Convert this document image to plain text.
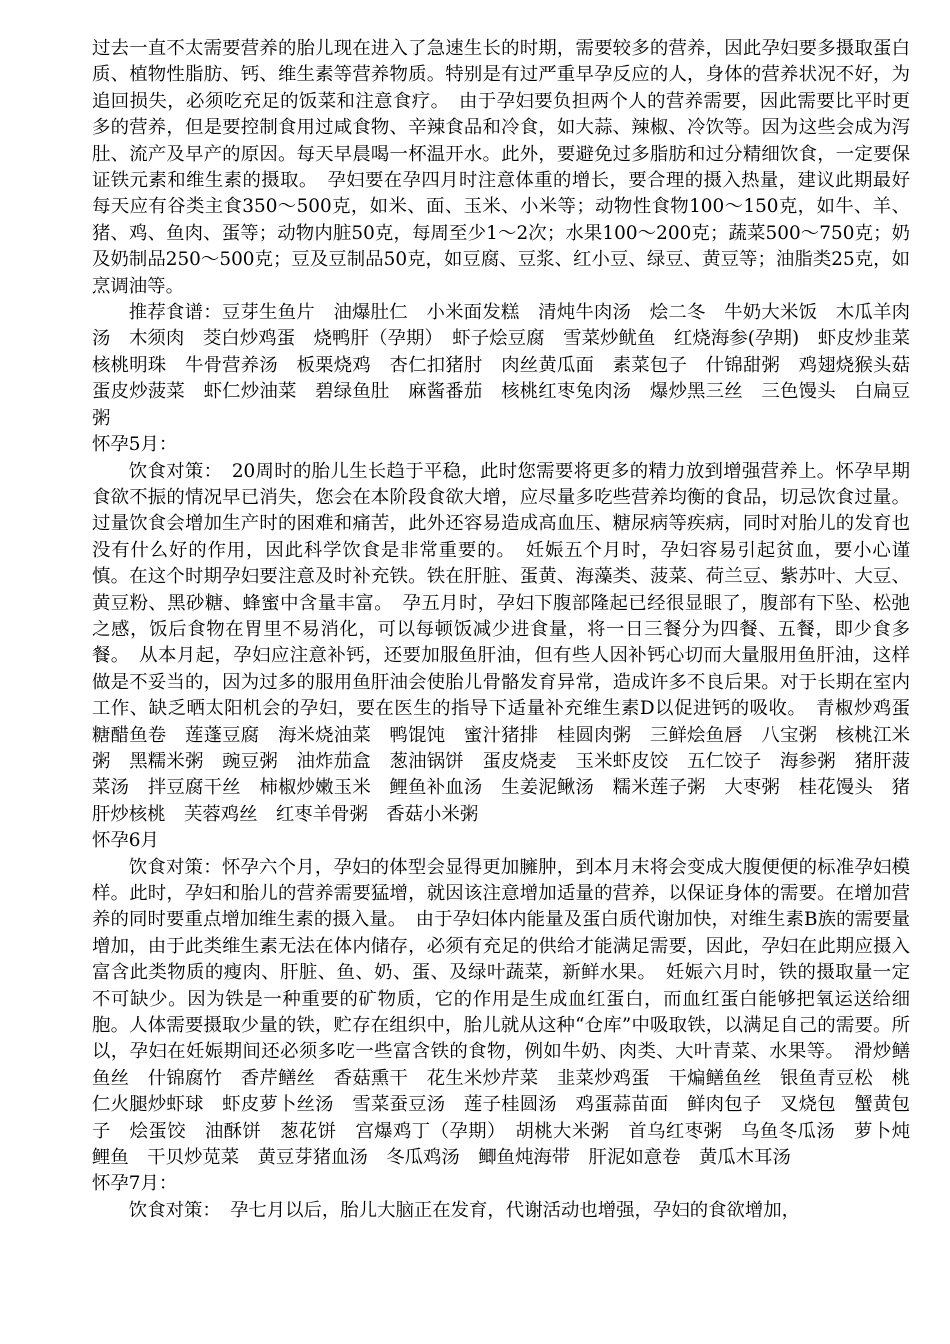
过去一直不太需要营养的胎儿现在进入了急速生长的时期，需要较多的营养，因此孕妇要多摄取蛋白质、植物性脂肪、钙、维生素等营养物质。特别是有过严重早孕反应的人，身体的营养状况不好，为追回损失，必须吃充足的饭菜和注意食疗。　由于孕妇要负担两个人的营养需要，因此需要比平时更多的营养，但是要控制食用过咸食物、辛辣食品和冷食，如大蒜、辣椒、冷饮等。因为这些会成为泻肚、流产及早产的原因。每天早晨喝一杯温开水。此外，要避免过多脂肪和过分精细饮食，一定要保证铁元素和维生素的摄取。　孕妇要在孕四月时注意体重的增长，要合理的摄入热量，建议此期最好每天应有谷类主食350～500克，如米、面、玉米、小米等；动物性食物100～150克，如牛、羊、猪、鸡、鱼肉、蛋等；动物内脏50克，每周至少1～2次；水果100～200克；蔬菜500～750克；奶及奶制品250～500克；豆及豆制品50克，如豆腐、豆浆、红小豆、绿豆、黄豆等；油脂类25克，如烹调油等。

推荐食谱：豆芽生鱼片　油爆肚仁　小米面发糕　清炖牛肉汤　烩二冬　牛奶大米饭　木瓜羊肉汤　木须肉　茭白炒鸡蛋　烧鸭肝（孕期）　虾子烩豆腐　雪菜炒鱿鱼　红烧海参(孕期)　虾皮炒韭菜　核桃明珠　牛骨营养汤　板栗烧鸡　杏仁扣猪肘　肉丝黄瓜面　素菜包子　什锦甜粥　鸡翅烧猴头菇　蛋皮炒菠菜　虾仁炒油菜　碧绿鱼肚　麻酱番茄　核桃红枣兔肉汤　爆炒黑三丝　三色馒头　白扁豆粥

怀孕5月：

饮食对策：　20周时的胎儿生长趋于平稳，此时您需要将更多的精力放到增强营养上。怀孕早期食欲不振的情况早已消失，您会在本阶段食欲大增，应尽量多吃些营养均衡的食品，切忌饮食过量。过量饮食会增加生产时的困难和痛苦，此外还容易造成高血压、糖尿病等疾病，同时对胎儿的发育也没有什么好的作用，因此科学饮食是非常重要的。　妊娠五个月时，孕妇容易引起贫血，要小心谨慎。在这个时期孕妇要注意及时补充铁。铁在肝脏、蛋黄、海藻类、菠菜、荷兰豆、紫苏叶、大豆、黄豆粉、黑砂糖、蜂蜜中含量丰富。　孕五月时，孕妇下腹部隆起已经很显眼了，腹部有下坠、松弛之感，饭后食物在胃里不易消化，可以每顿饭减少进食量，将一日三餐分为四餐、五餐，即少食多餐。　从本月起，孕妇应注意补钙，还要加服鱼肝油，但有些人因补钙心切而大量服用鱼肝油，这样做是不妥当的，因为过多的服用鱼肝油会使胎儿骨骼发育异常，造成许多不良后果。对于长期在室内工作、缺乏晒太阳机会的孕妇，要在医生的指导下适量补充维生素D以促进钙的吸收。　青椒炒鸡蛋　糖醋鱼卷　莲蓬豆腐　海米烧油菜　鸭馄饨　蜜汁猪排　桂圆肉粥　三鲜烩鱼唇　八宝粥　核桃江米粥　黑糯米粥　豌豆粥　油炸茄盒　葱油锅饼　蛋皮烧麦　玉米虾皮饺　五仁饺子　海参粥　猪肝菠菜汤　拌豆腐干丝　柿椒炒嫩玉米　鲤鱼补血汤　生姜泥鳅汤　糯米莲子粥　大枣粥　桂花馒头　猪肝炒核桃　芙蓉鸡丝　红枣羊骨粥　香菇小米粥

怀孕6月

饮食对策：怀孕六个月，孕妇的体型会显得更加臃肿，到本月末将会变成大腹便便的标准孕妇模样。此时，孕妇和胎儿的营养需要猛增，就因该注意增加适量的营养，以保证身体的需要。在增加营养的同时要重点增加维生素的摄入量。　由于孕妇体内能量及蛋白质代谢加快，对维生素B族的需要量增加，由于此类维生素无法在体内储存，必须有充足的供给才能满足需要，因此，孕妇在此期应摄入富含此类物质的瘦肉、肝脏、鱼、奶、蛋、及绿叶蔬菜，新鲜水果。　妊娠六月时，铁的摄取量一定不可缺少。因为铁是一种重要的矿物质，它的作用是生成血红蛋白，而血红蛋白能够把氧运送给细胞。人体需要摄取少量的铁，贮存在组织中，胎儿就从这种“仓库”中吸取铁，以满足自己的需要。所以，孕妇在妊娠期间还必须多吃一些富含铁的食物，例如牛奶、肉类、大叶青菜、水果等。　滑炒鳝鱼丝　什锦腐竹　香芹鳝丝　香菇熏干　花生米炒芹菜　韭菜炒鸡蛋　干煸鳝鱼丝　银鱼青豆松　桃仁火腿炒虾球　虾皮萝卜丝汤　雪菜蚕豆汤　莲子桂圆汤　鸡蛋蒜苗面　鲜肉包子　叉烧包　蟹黄包子　烩蛋饺　油酥饼　葱花饼　宫爆鸡丁（孕期）　胡桃大米粥　首乌红枣粥　乌鱼冬瓜汤　萝卜炖鲤鱼　干贝炒苋菜　黄豆芽猪血汤　冬瓜鸡汤　鲫鱼炖海带　肝泥如意卷　黄瓜木耳汤

怀孕7月：

饮食对策：　孕七月以后，胎儿大脑正在发育，代谢活动也增强，孕妇的食欲增加，
